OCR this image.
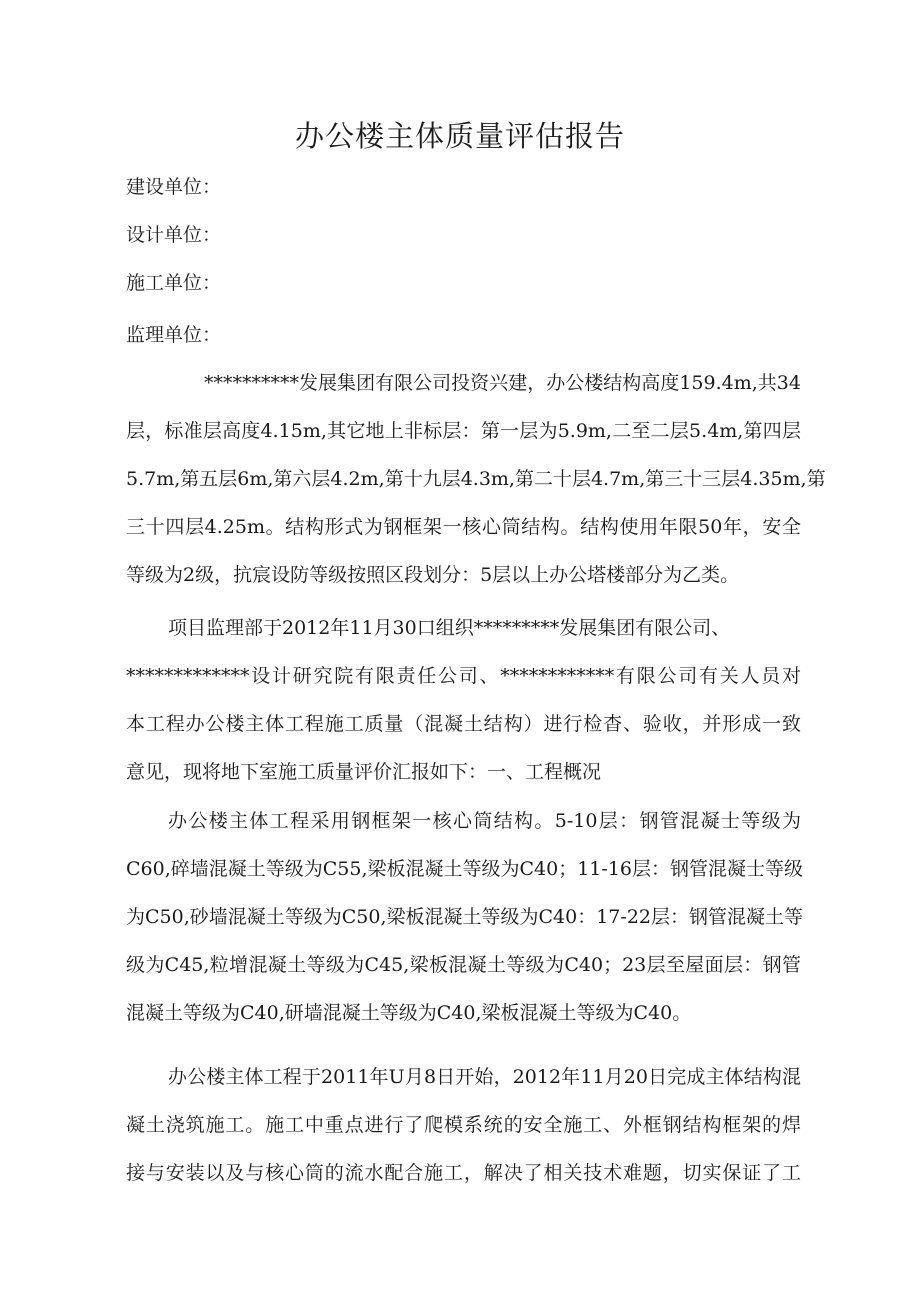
办公楼主体质量评估报告
建设单位：
设计单位：
施工单位：
监理单位：
**********发展集团有限公司投资兴建，办公楼结构高度159.4m,共34
层，标准层高度4.15m,其它地上非标层：第一层为5.9m,二至二层5.4m,第四层
5.7m,第五层6m,第六层4.2m,第十九层4.3m,第二十层4.7m,第三十三层4.35m,第
三十四层4.25m。结构形式为钢框架一核心筒结构。结构使用年限50年，安全
等级为2级，抗宸设防等级按照区段划分：5层以上办公塔楼部分为乙类。
项目监理部于2012年11月30口组织*********发展集团有限公司、
*************设计研究院有限责任公司、************有限公司有关人员对
本工程办公楼主体工程施工质量（混凝土结构）进行检杳、验收，并形成一致
意见，现将地下室施工质量评价汇报如下：一、工程概况
办公楼主体工程采用钢框架一核心筒结构。5-10层：钢管混凝士等级为
C60,碎墙混凝土等级为C55,梁板混凝土等级为C40；11-16层：钢管混凝士等级
为C50,砂墙混凝土等级为C50,梁板混凝土等级为C40：17-22层：钢管混凝土等
级为C45,粒增混凝土等级为C45,梁板混凝土等级为C40；23层至屋面层：钢管
混凝土等级为C40,研墙混凝土等级为C40,梁板混凝土等级为C40。
办公楼主体工程于2011年U月8日开始，2012年11月20日完成主体结构混
凝土浇筑施工。施工中重点进行了爬模系统的安全施工、外框钢结构框架的焊
接与安装以及与核心筒的流水配合施工，解决了相关技术难题，切实保证了工
